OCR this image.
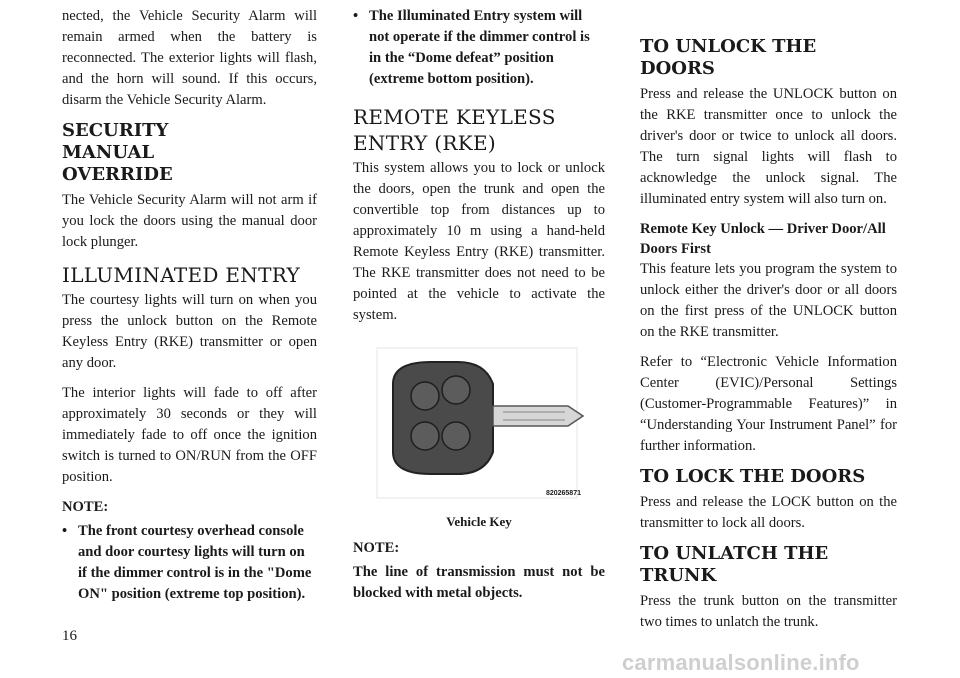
nected, the Vehicle Security Alarm will remain armed when the battery is reconnected. The exterior lights will flash, and the horn will sound. If this occurs, disarm the Vehicle Security Alarm.

SECURITY MANUAL OVERRIDE

The Vehicle Security Alarm will not arm if you lock the doors using the manual door lock plunger.

ILLUMINATED ENTRY

The courtesy lights will turn on when you press the unlock button on the Remote Keyless Entry (RKE) transmitter or open any door.

The interior lights will fade to off after approximately 30 seconds or they will immediately fade to off once the ignition switch is turned to ON/RUN from the OFF position.

NOTE:
• The front courtesy overhead console and door courtesy lights will turn on if the dimmer control is in the "Dome ON" position (extreme top position).
• The Illuminated Entry system will not operate if the dimmer control is in the “Dome defeat” position (extreme bottom position).
REMOTE KEYLESS ENTRY (RKE)

This system allows you to lock or unlock the doors, open the trunk and open the convertible top from distances up to approximately 10 m using a hand-held Remote Keyless Entry (RKE) transmitter. The RKE transmitter does not need to be pointed at the vehicle to activate the system.

820265871
Vehicle Key
NOTE:

The line of transmission must not be blocked with metal objects.

TO UNLOCK THE DOORS

Press and release the UNLOCK button on the RKE transmitter once to unlock the driver's door or twice to unlock all doors. The turn signal lights will flash to acknowledge the unlock signal. The illuminated entry system will also turn on.

Remote Key Unlock — Driver Door/All Doors First

This feature lets you program the system to unlock either the driver's door or all doors on the first press of the UNLOCK button on the RKE transmitter.

Refer to “Electronic Vehicle Information Center (EVIC)/Personal Settings (Customer-Programmable Features)” in “Understanding Your Instrument Panel” for further information.

TO LOCK THE DOORS

Press and release the LOCK button on the transmitter to lock all doors.

TO UNLATCH THE TRUNK

Press the trunk button on the transmitter two times to unlatch the trunk.

16
carmanualsonline.info
